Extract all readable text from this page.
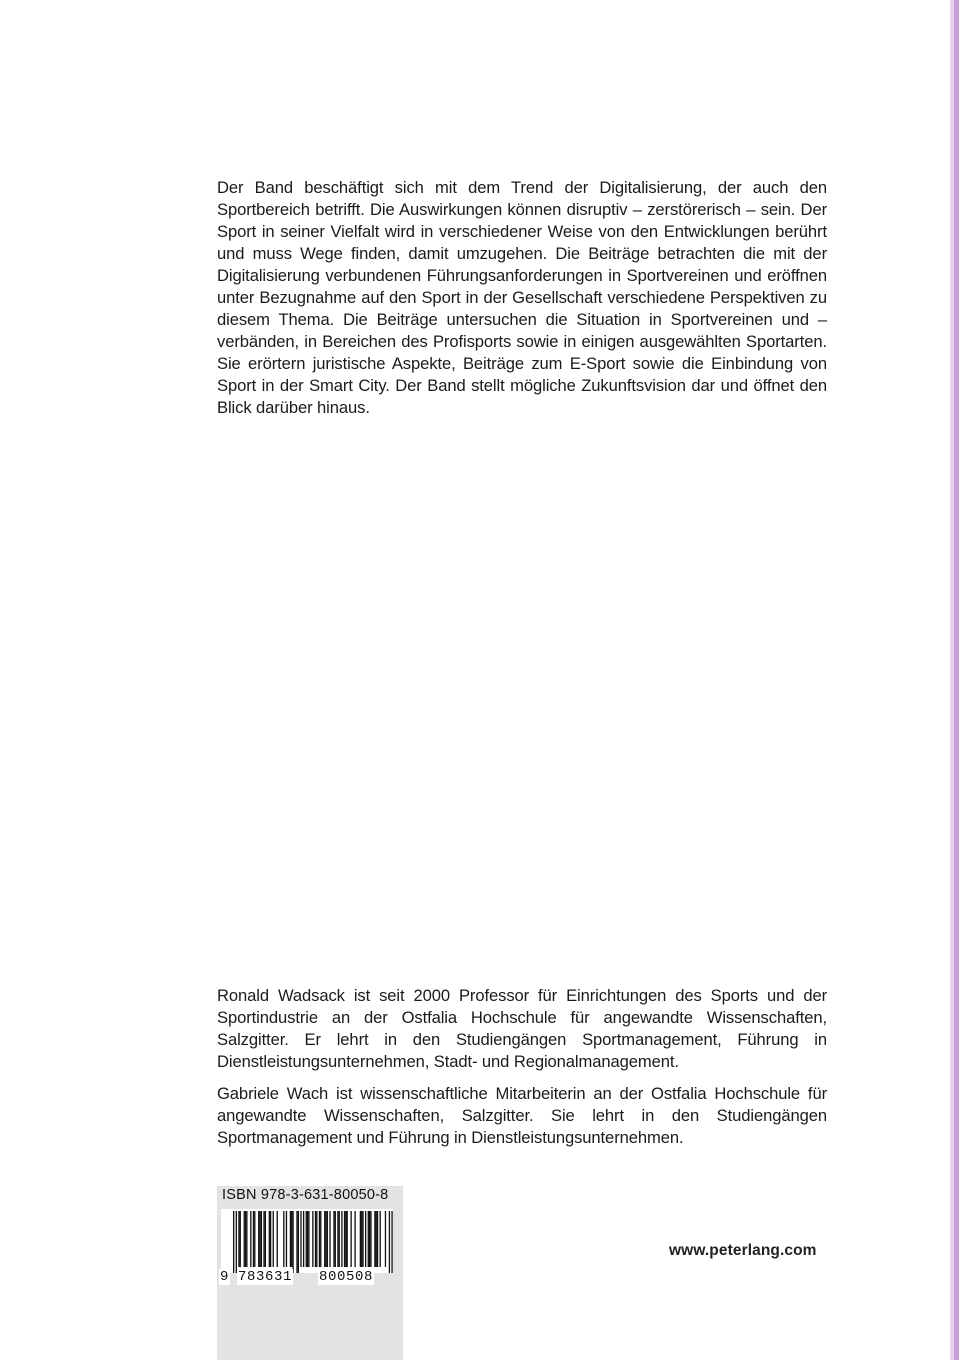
Der Band beschäftigt sich mit dem Trend der Digitalisierung, der auch den Sportbereich betrifft. Die Auswirkungen können disruptiv – zerstörerisch – sein. Der Sport in seiner Vielfalt wird in verschiedener Weise von den Entwicklungen berührt und muss Wege finden, damit umzugehen. Die Beiträge betrachten die mit der Digitalisierung verbundenen Führungsanforderungen in Sportvereinen und eröffnen unter Bezugnahme auf den Sport in der Gesellschaft verschiedene Perspektiven zu diesem Thema. Die Beiträge untersuchen die Situation in Sportvereinen und –verbänden, in Bereichen des Profisports sowie in einigen ausgewählten Sportarten. Sie erörtern juristische Aspekte, Beiträge zum E-Sport sowie die Einbindung von Sport in der Smart City. Der Band stellt mögliche Zukunftsvision dar und öffnet den Blick darüber hinaus.

Ronald Wadsack ist seit 2000 Professor für Einrichtungen des Sports und der Sportindustrie an der Ostfalia Hochschule für angewandte Wissenschaften, Salzgitter. Er lehrt in den Studiengängen Sportmanagement, Führung in Dienstleistungsunternehmen, Stadt- und Regionalmanagement.

Gabriele Wach ist wissenschaftliche Mitarbeiterin an der Ostfalia Hochschule für angewandte Wissenschaften, Salzgitter. Sie lehrt in den Studiengängen Sportmanagement und Führung in Dienstleistungsunternehmen.

ISBN 978-3-631-80050-8
9 783631 800508
www.peterlang.com
